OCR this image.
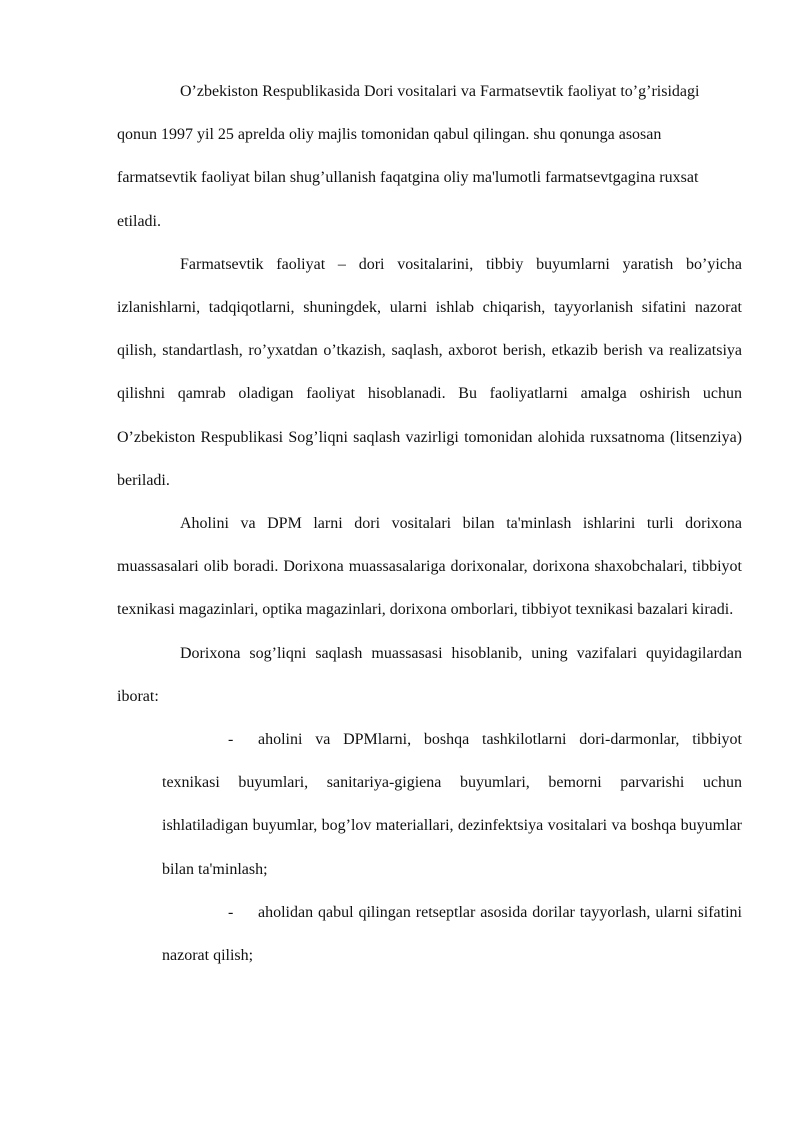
O’zbekiston Respublikasida Dori vositalari va Farmatsevtik faoliyat to’g’risidagi qonun 1997 yil 25 aprelda oliy majlis tomonidan qabul qilingan. shu qonunga asosan farmatsevtik faoliyat bilan shug’ullanish faqatgina oliy ma'lumotli farmatsevtgagina ruxsat etiladi.

Farmatsevtik faoliyat – dori vositalarini, tibbiy buyumlarni yaratish bo’yicha izlanishlarni, tadqiqotlarni, shuningdek, ularni ishlab chiqarish, tayyorlanish sifatini nazorat qilish, standartlash, ro’yxatdan o’tkazish, saqlash, axborot berish, etkazib berish va realizatsiya qilishni qamrab oladigan faoliyat hisoblanadi. Bu faoliyatlarni amalga oshirish uchun O’zbekiston Respublikasi Sog’liqni saqlash vazirligi tomonidan alohida ruxsatnoma (litsenziya) beriladi.

Aholini va DPM larni dori vositalari bilan ta'minlash ishlarini turli dorixona muassasalari olib boradi. Dorixona muassasalariga dorixonalar, dorixona shaxobchalari, tibbiyot texnikasi magazinlari, optika magazinlari, dorixona omborlari, tibbiyot texnikasi bazalari kiradi.

Dorixona sog’liqni saqlash muassasasi hisoblanib, uning vazifalari quyidagilardan iborat:

- aholini va DPMlarni, boshqa tashkilotlarni dori-darmonlar, tibbiyot texnikasi buyumlari, sanitariya-gigiena buyumlari, bemorni parvarishi uchun ishlatiladigan buyumlar, bog’lov materiallari, dezinfektsiya vositalari va boshqa buyumlar bilan ta'minlash;
- aholidan qabul qilingan retseptlar asosida dorilar tayyorlash, ularni sifatini nazorat qilish;
